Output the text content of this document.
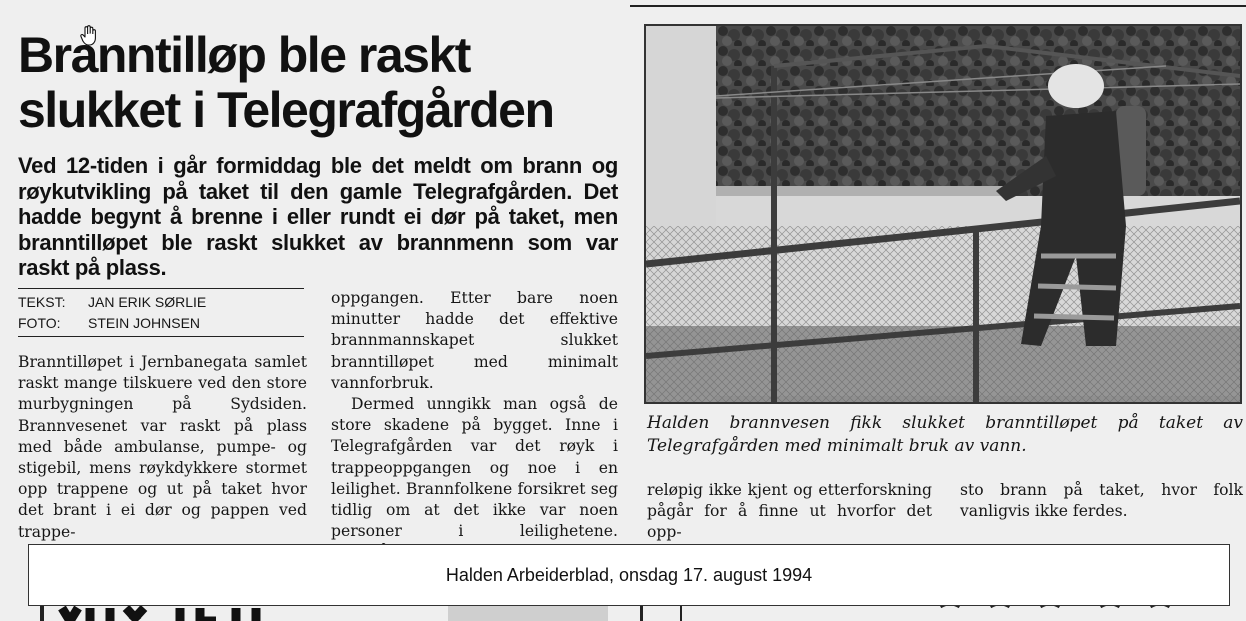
Branntilløp ble raskt
slukket i Telegrafgården

Ved 12-tiden i går formiddag ble det meldt om brann og røykutvikling på taket til den gamle Telegrafgården. Det hadde begynt å brenne i eller rundt ei dør på taket, men branntilløpet ble raskt slukket av brannmenn som var raskt på plass.

TEKST:	JAN ERIK SØRLIE
FOTO:	STEIN JOHNSEN

Branntilløpet i Jernbanegata samlet raskt mange tilskuere ved den store murbygningen på Sydsiden. Brannvesenet var raskt på plass med både ambulanse, pumpe- og stigebil, mens røykdykkere stormet opp trappene og ut på taket hvor det brant i ei dør og pappen ved trappe-

oppgangen. Etter bare noen minutter hadde det effektive brannmannskapet slukket branntilløpet med minimalt vannforbruk.

Dermed unngikk man også de store skadene på bygget. Inne i Telegrafgården var det røyk i trappeoppgangen og noe i en leilighet. Brannfolkene forsikret seg tidlig om at det ikke var noen personer i leilighetene.

Halden brannvesen fikk slukket branntilløpet på taket av Telegrafgården med minimalt bruk av vann.

reløpig ikke kjent og etterforskning pågår for å finne ut hvorfor det opp-

sto brann på taket, hvor folk vanligvis ikke ferdes.

Halden Arbeiderblad, onsdag 17. august 1994
